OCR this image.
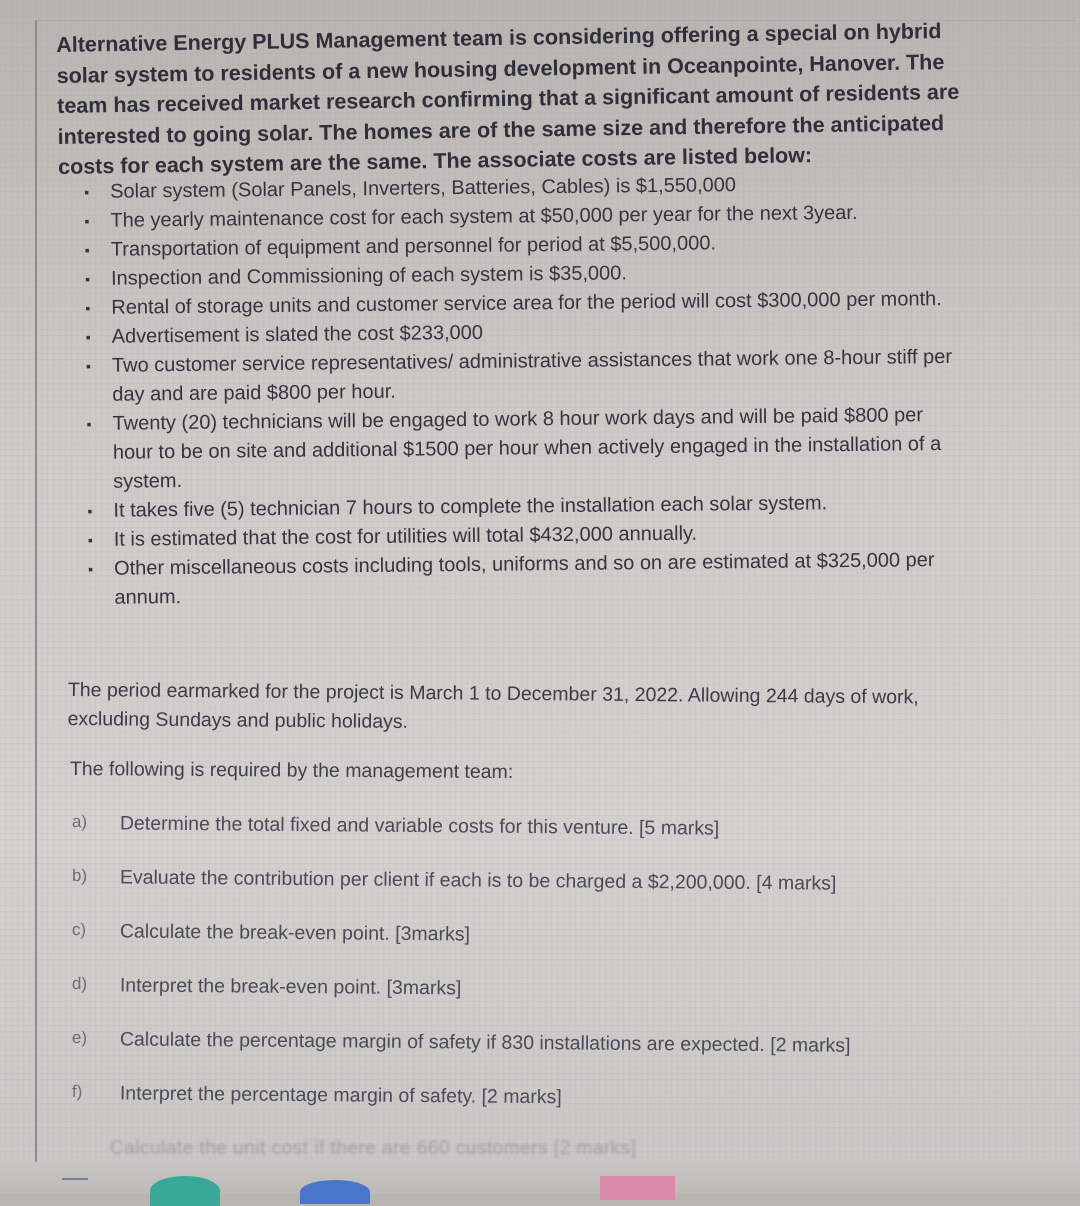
Alternative Energy PLUS Management team is considering offering a special on hybrid solar system to residents of a new housing development in Oceanpointe, Hanover. The team has received market research confirming that a significant amount of residents are interested to going solar. The homes are of the same size and therefore the anticipated costs for each system are the same. The associate costs are listed below:

▪ Solar system (Solar Panels, Inverters, Batteries, Cables) is $1,550,000
▪ The yearly maintenance cost for each system at $50,000 per year for the next 3year.
▪ Transportation of equipment and personnel for period at $5,500,000.
▪ Inspection and Commissioning of each system is $35,000.
▪ Rental of storage units and customer service area for the period will cost $300,000 per month.
▪ Advertisement is slated the cost $233,000
▪ Two customer service representatives/ administrative assistances that work one 8-hour stiff per day and are paid $800 per hour.
▪ Twenty (20) technicians will be engaged to work 8 hour work days and will be paid $800 per hour to be on site and additional $1500 per hour when actively engaged in the installation of a system.
▪ It takes five (5) technician 7 hours to complete the installation each solar system.
▪ It is estimated that the cost for utilities will total $432,000 annually.
▪ Other miscellaneous costs including tools, uniforms and so on are estimated at $325,000 per annum.

The period earmarked for the project is March 1 to December 31, 2022. Allowing 244 days of work, excluding Sundays and public holidays.

The following is required by the management team:

a) Determine the total fixed and variable costs for this venture. [5 marks]
b) Evaluate the contribution per client if each is to be charged a $2,200,000. [4 marks]
c) Calculate the break-even point. [3marks]
d) Interpret the break-even point. [3marks]
e) Calculate the percentage margin of safety if 830 installations are expected. [2 marks]
f) Interpret the percentage margin of safety. [2 marks]

Calculate the unit cost if there are 660 customers [2 marks]
